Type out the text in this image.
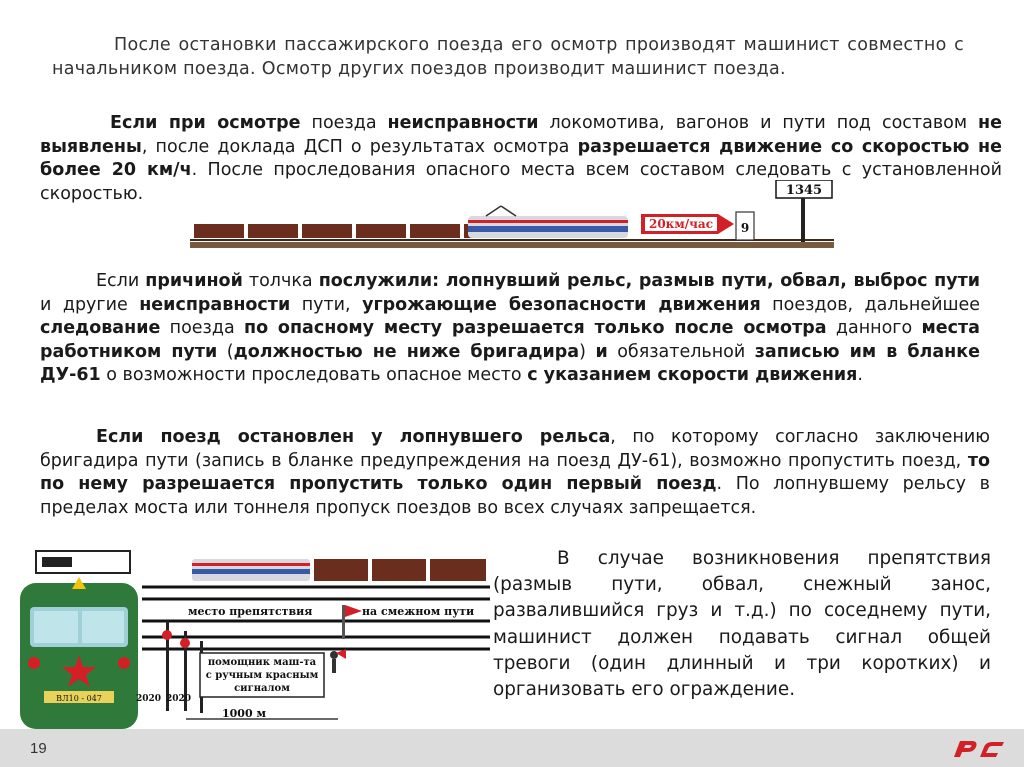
После остановки пассажирского поезда его осмотр производят машинист совместно с начальником поезда. Осмотр других поездов производит машинист поезда.

Если при осмотре поезда неисправности локомотива, вагонов и пути под составом не выявлены, после доклада ДСП о результатах осмотра разрешается движение со скоростью не более 20 км/ч. После проследования опасного места всем составом следовать с установленной скоростью.

20км/час 9
1345

Если причиной толчка послужили: лопнувший рельс, размыв пути, обвал, выброс пути и другие неисправности пути, угрожающие безопасности движения поездов, дальнейшее следование поезда по опасному месту разрешается только после осмотра данного места работником пути (должностью не ниже бригадира) и обязательной записью им в бланке ДУ-61 о возможности проследовать опасное место с указанием скорости движения.

Если поезд остановлен у лопнувшего рельса, по которому согласно заключению бригадира пути (запись в бланке предупреждения на поезд ДУ-61), возможно пропустить поезд, то по нему разрешается пропустить только один первый поезд. По лопнувшему рельсу в пределах моста или тоннеля пропуск поездов во всех случаях запрещается.

ВЛ10 - 047
место препятствия	на смежном пути
помощник маш-та
с ручным красным
сигналом
2020 2020
1000 м

В случае возникновения препятствия (размыв пути, обвал, снежный занос, развалившийся груз и т.д.) по соседнему пути, машинист должен подавать сигнал общей тревоги (один длинный и три коротких) и организовать его ограждение.

19
